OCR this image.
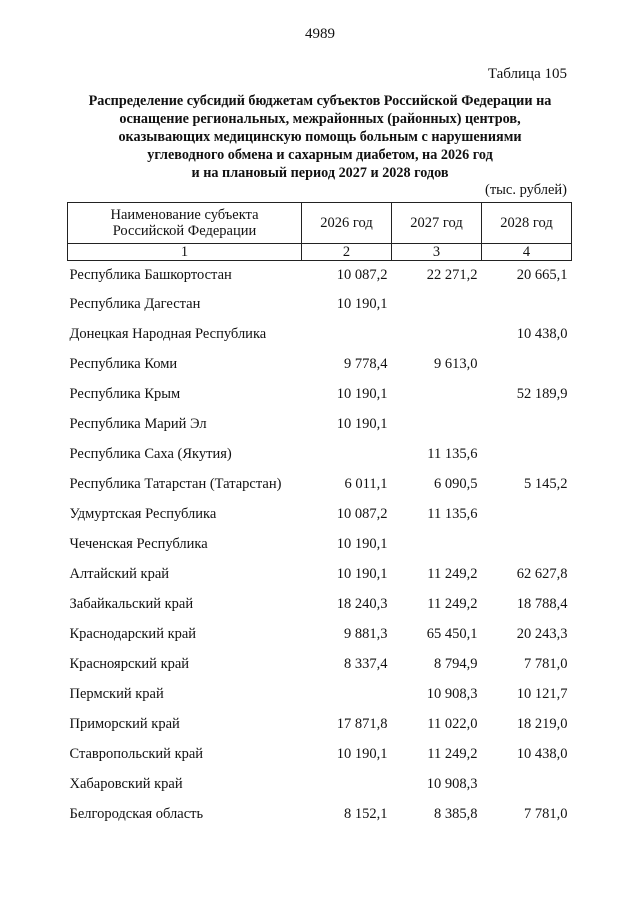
4989
Таблица 105
Распределение субсидий бюджетам субъектов Российской Федерации на
оснащение региональных, межрайонных (районных) центров,
оказывающих медицинскую помощь больным с нарушениями
углеводного обмена и сахарным диабетом, на 2026 год
и на плановый период 2027 и 2028 годов
(тыс. рублей)
Наименование субъекта
Российской Федерации	2026 год	2027 год	2028 год
1	2	3	4
Республика Башкортостан	10 087,2	22 271,2	20 665,1
Республика Дагестан	10 190,1		
Донецкая Народная Республика			10 438,0
Республика Коми	9 778,4	9 613,0	
Республика Крым	10 190,1		52 189,9
Республика Марий Эл	10 190,1		
Республика Саха (Якутия)		11 135,6	
Республика Татарстан (Татарстан)	6 011,1	6 090,5	5 145,2
Удмуртская Республика	10 087,2	11 135,6	
Чеченская Республика	10 190,1		
Алтайский край	10 190,1	11 249,2	62 627,8
Забайкальский край	18 240,3	11 249,2	18 788,4
Краснодарский край	9 881,3	65 450,1	20 243,3
Красноярский край	8 337,4	8 794,9	7 781,0
Пермский край		10 908,3	10 121,7
Приморский край	17 871,8	11 022,0	18 219,0
Ставропольский край	10 190,1	11 249,2	10 438,0
Хабаровский край		10 908,3	
Белгородская область	8 152,1	8 385,8	7 781,0
